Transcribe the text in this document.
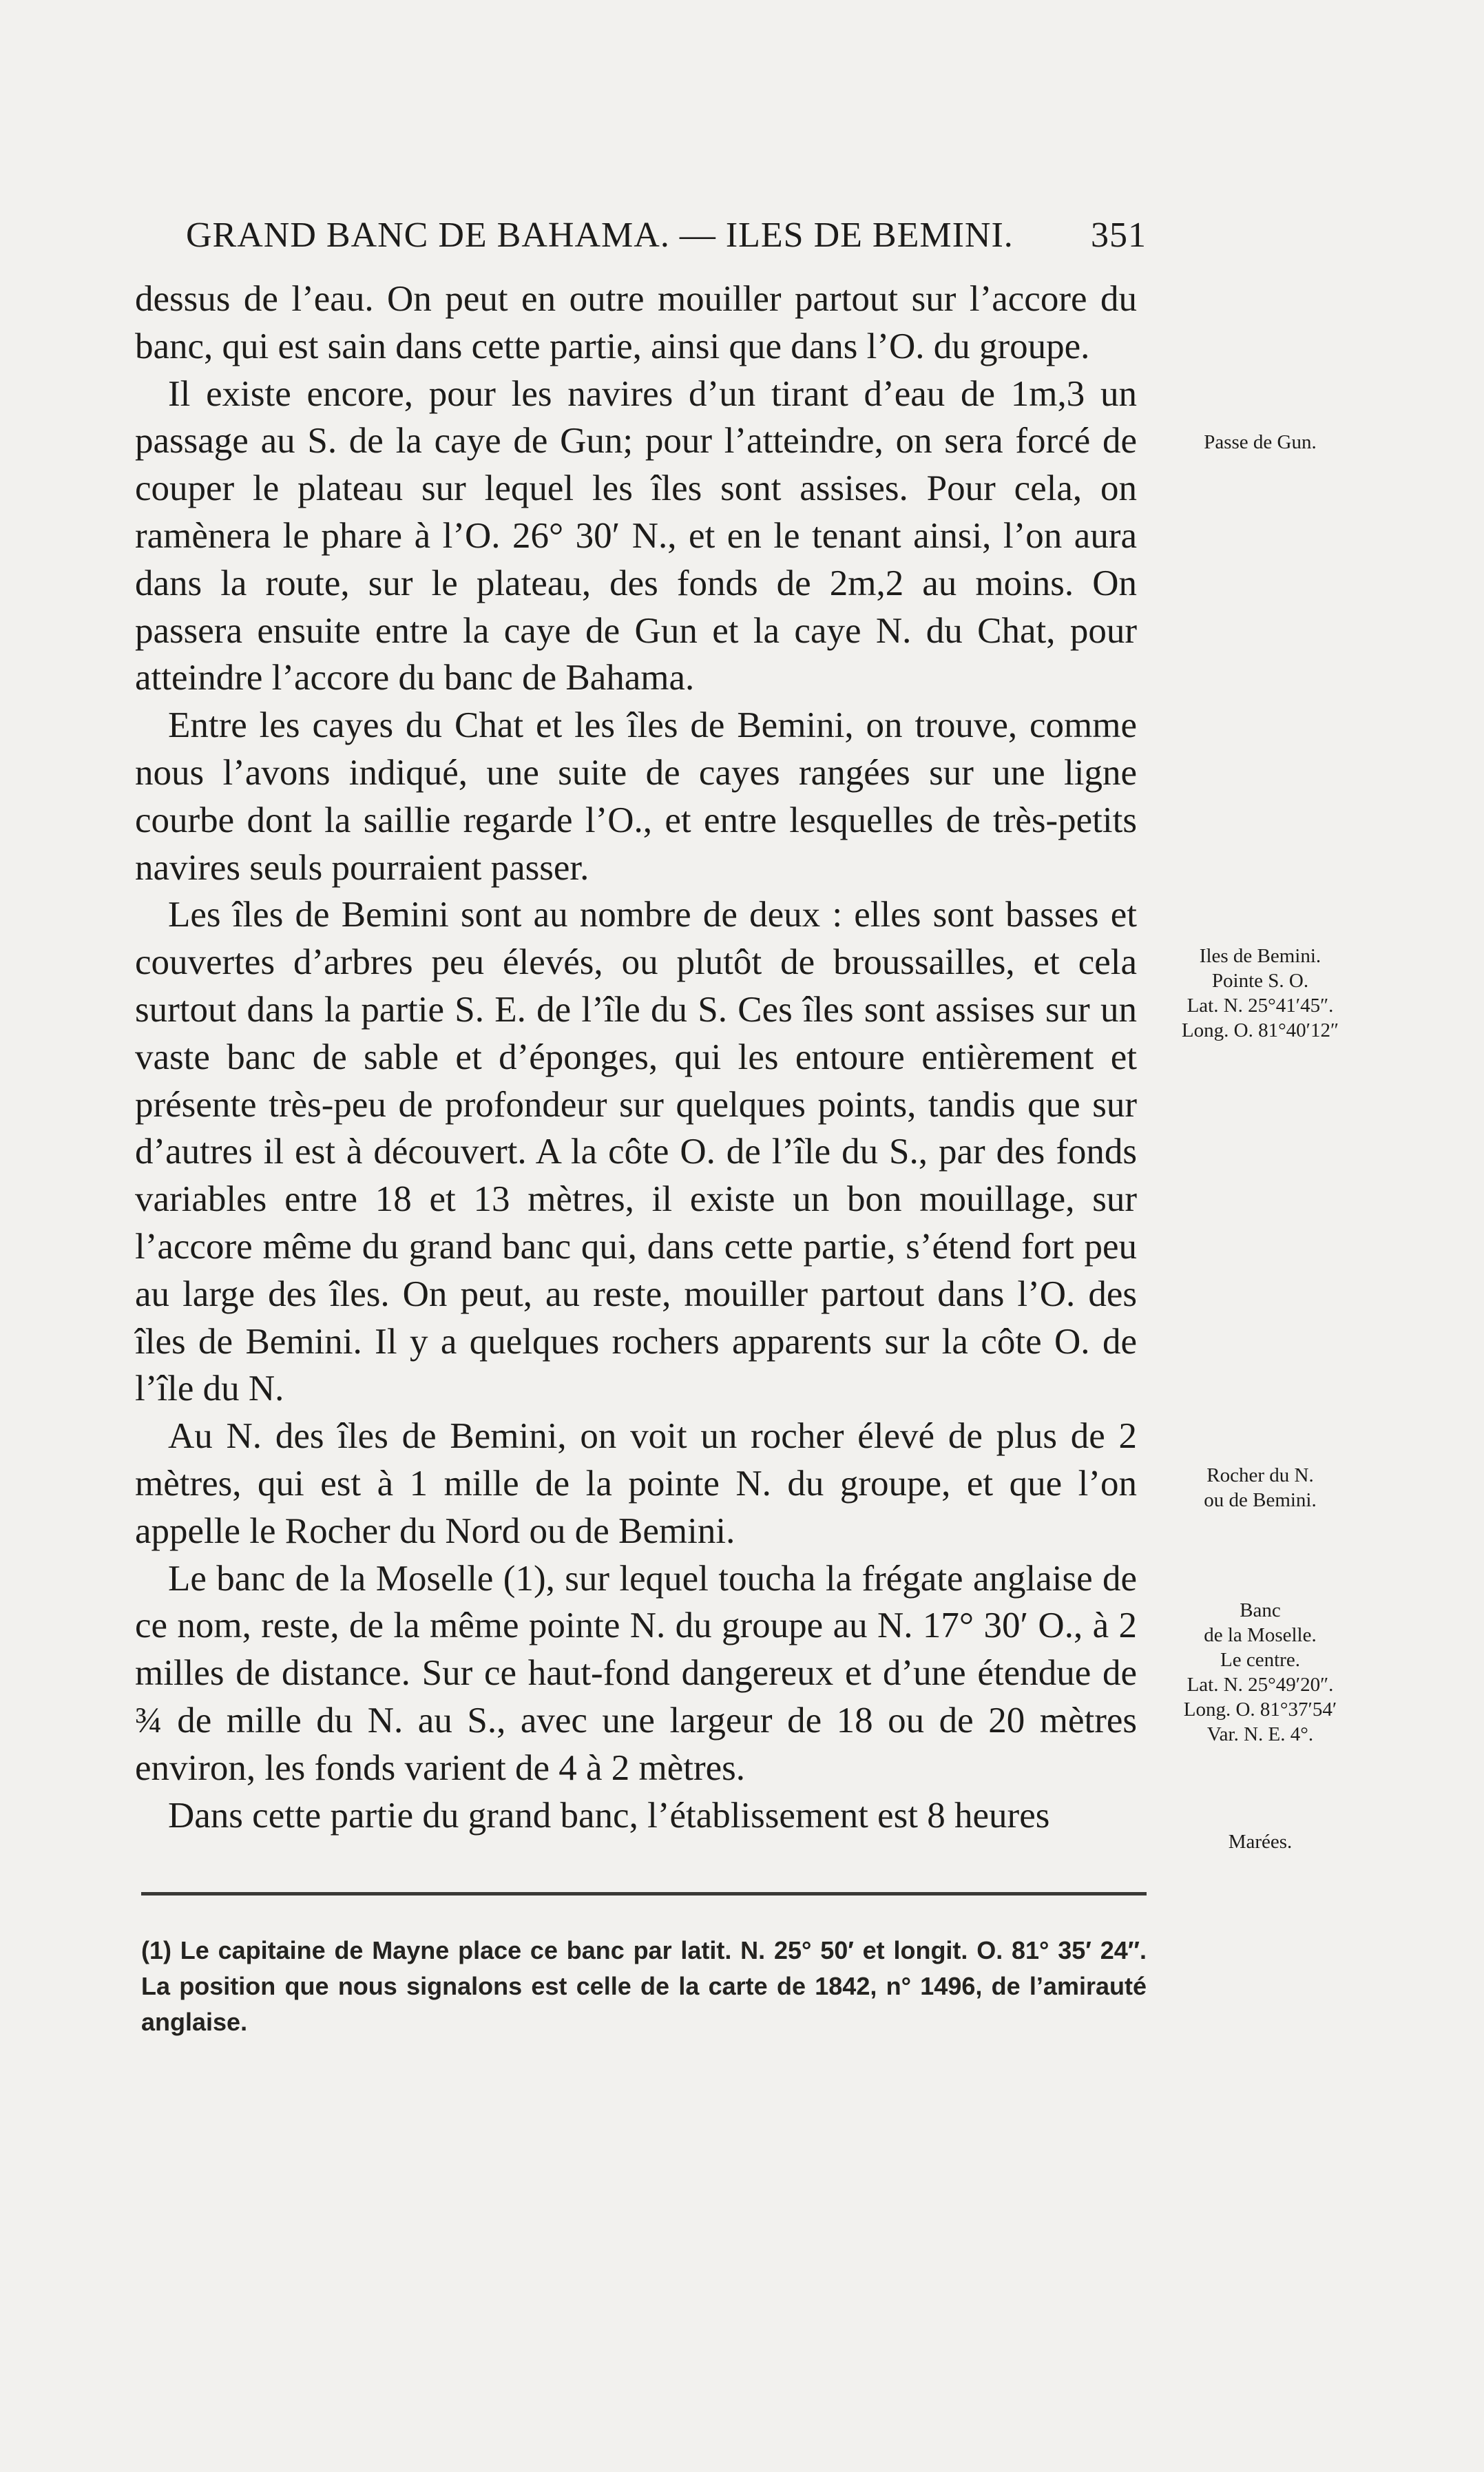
GRAND BANC DE BAHAMA. — ILES DE BEMINI. 351

dessus de l’eau. On peut en outre mouiller partout sur l’accore du banc, qui est sain dans cette partie, ainsi que dans l’O. du groupe.

Il existe encore, pour les navires d’un tirant d’eau de 1m,3 un passage au S. de la caye de Gun; pour l’atteindre, on sera forcé de couper le plateau sur lequel les îles sont assises. Pour cela, on ramènera le phare à l’O. 26° 30′ N., et en le tenant ainsi, l’on aura dans la route, sur le plateau, des fonds de 2m,2 au moins. On passera ensuite entre la caye de Gun et la caye N. du Chat, pour atteindre l’accore du banc de Bahama.

Entre les cayes du Chat et les îles de Bemini, on trouve, comme nous l’avons indiqué, une suite de cayes rangées sur une ligne courbe dont la saillie regarde l’O., et entre lesquelles de très-petits navires seuls pourraient passer.

Les îles de Bemini sont au nombre de deux : elles sont basses et couvertes d’arbres peu élevés, ou plutôt de broussailles, et cela surtout dans la partie S. E. de l’île du S. Ces îles sont assises sur un vaste banc de sable et d’éponges, qui les entoure entièrement et présente très-peu de profondeur sur quelques points, tandis que sur d’autres il est à découvert. A la côte O. de l’île du S., par des fonds variables entre 18 et 13 mètres, il existe un bon mouillage, sur l’accore même du grand banc qui, dans cette partie, s’étend fort peu au large des îles. On peut, au reste, mouiller partout dans l’O. des îles de Bemini. Il y a quelques rochers apparents sur la côte O. de l’île du N.

Au N. des îles de Bemini, on voit un rocher élevé de plus de 2 mètres, qui est à 1 mille de la pointe N. du groupe, et que l’on appelle le Rocher du Nord ou de Bemini.

Le banc de la Moselle (1), sur lequel toucha la frégate anglaise de ce nom, reste, de la même pointe N. du groupe au N. 17° 30′ O., à 2 milles de distance. Sur ce haut-fond dangereux et d’une étendue de ¾ de mille du N. au S., avec une largeur de 18 ou de 20 mètres environ, les fonds varient de 4 à 2 mètres.

Dans cette partie du grand banc, l’établissement est 8 heures

Passe de Gun.
Iles de Bemini.
Pointe S. O.
Lat. N. 25°41′45″.
Long. O. 81°40′12″
Rocher du N.
ou de Bemini.
Banc
de la Moselle.
Le centre.
Lat. N. 25°49′20″.
Long. O. 81°37′54′
Var. N. E. 4°.
Marées.

(1) Le capitaine de Mayne place ce banc par latit. N. 25° 50′ et longit. O. 81° 35′ 24″. La position que nous signalons est celle de la carte de 1842, n° 1496, de l’amirauté anglaise.
